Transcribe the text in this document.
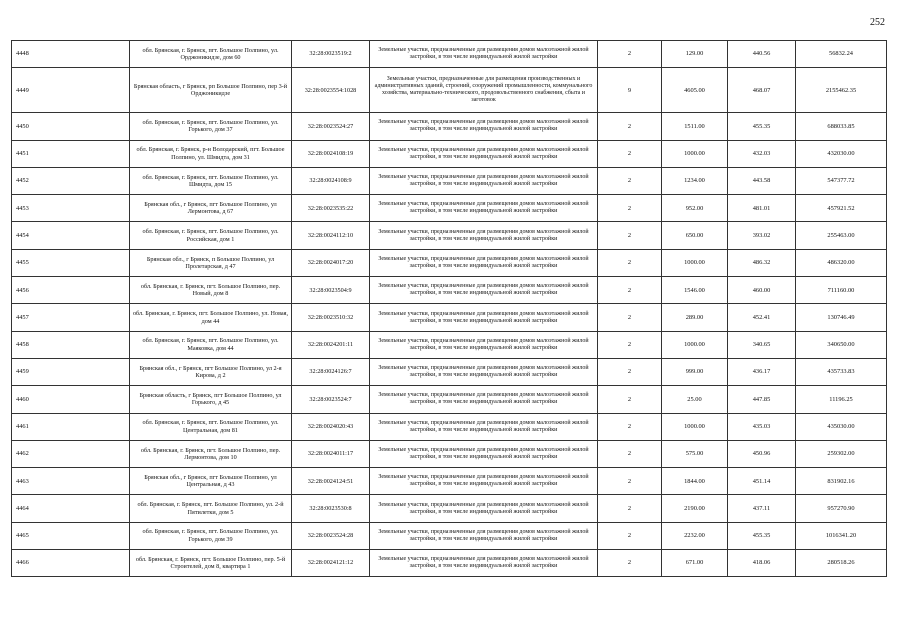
252
4448	обл. Брянская, г. Брянск, пгт. Большое Полпино, ул. Орджоникидзе, дом 60	32:28:0023519:2	Земельные участки, предназначенные для размещения домов малоэтажной жилой застройки, в том числе индивидуальной жилой застройки	2	129.00	440.56	56832.24
4449	Брянская область, г Брянск, рп Большое Полпино, пер 3-й Орджоникидзе	32:28:0023554:1028	Земельные участки, предназначенные для размещения производственных и административных зданий, строений, сооружений промышленности, коммунального хозяйства, материально-технического, продовольственного снабжения, сбыта и заготовок	9	4605.00	468.07	2155462.35
4450	обл. Брянская, г. Брянск, пгт. Большое Полпино, ул. Горького, дом 37	32:28:0023524:27	Земельные участки, предназначенные для размещения домов малоэтажной жилой застройки, в том числе индивидуальной жилой застройки	2	1511.00	455.35	688033.85
4451	обл. Брянская, г. Брянск, р-н Володарский, пгт. Большое Полпино, ул. Шмидта, дом 31	32:28:0024108:19	Земельные участки, предназначенные для размещения домов малоэтажной жилой застройки, в том числе индивидуальной жилой застройки	2	1000.00	432.03	432030.00
4452	обл. Брянская, г. Брянск, пгт. Большое Полпино, ул. Шмидта, дом 15	32:28:0024108:9	Земельные участки, предназначенные для размещения домов малоэтажной жилой застройки, в том числе индивидуальной жилой застройки	2	1234.00	443.58	547377.72
4453	Брянская обл., г Брянск, пгт Большое Полпино, ул Лермонтова, д 67	32:28:0023535:22	Земельные участки, предназначенные для размещения домов малоэтажной жилой застройки, в том числе индивидуальной жилой застройки	2	952.00	481.01	457921.52
4454	обл. Брянская, г. Брянск, пгт. Большое Полпино, ул. Российская, дом 1	32:28:0024112:10	Земельные участки, предназначенные для размещения домов малоэтажной жилой застройки, в том числе индивидуальной жилой застройки	2	650.00	393.02	255463.00
4455	Брянская обл., г Брянск, п Большое Полпино, ул Пролетарская, д 47	32:28:0024017:20	Земельные участки, предназначенные для размещения домов малоэтажной жилой застройки, в том числе индивидуальной жилой застройки	2	1000.00	486.32	486320.00
4456	обл. Брянская, г. Брянск, пгт. Большое Полпино, пер. Новый, дом 8	32:28:0023504:9	Земельные участки, предназначенные для размещения домов малоэтажной жилой застройки, в том числе индивидуальной жилой застройки	2	1546.00	460.00	711160.00
4457	обл. Брянская, г. Брянск, пгт. Большое Полпино, ул. Новая, дом 44	32:28:0023510:32	Земельные участки, предназначенные для размещения домов малоэтажной жилой застройки, в том числе индивидуальной жилой застройки	2	289.00	452.41	130746.49
4458	обл. Брянская, г. Брянск, пгт. Большое Полпино, ул. Маяковка, дом 44	32:28:0024201:11	Земельные участки, предназначенные для размещения домов малоэтажной жилой застройки, в том числе индивидуальной жилой застройки	2	1000.00	340.65	340650.00
4459	Брянская обл., г Брянск, пгт Большое Полпино, ул 2-я Кирова, д 2	32:28:0024126:7	Земельные участки, предназначенные для размещения домов малоэтажной жилой застройки, в том числе индивидуальной жилой застройки	2	999.00	436.17	435733.83
4460	Брянская область, г Брянск, пгт Большое Полпино, ул Горького, д 45	32:28:0023524:7	Земельные участки, предназначенные для размещения домов малоэтажной жилой застройки, в том числе индивидуальной жилой застройки	2	25.00	447.85	11196.25
4461	обл. Брянская, г. Брянск, пгт. Большое Полпино, ул. Центральная, дом 81	32:28:0024020:43	Земельные участки, предназначенные для размещения домов малоэтажной жилой застройки, в том числе индивидуальной жилой застройки	2	1000.00	435.03	435030.00
4462	обл. Брянская, г. Брянск, пгт. Большое Полпино, пер. Лермонтова, дом 10	32:28:0024011:17	Земельные участки, предназначенные для размещения домов малоэтажной жилой застройки, в том числе индивидуальной жилой застройки	2	575.00	450.96	259302.00
4463	Брянская обл., г Брянск, пгт Большое Полпино, ул Центральная, д 43	32:28:0024124:51	Земельные участки, предназначенные для размещения домов малоэтажной жилой застройки, в том числе индивидуальной жилой застройки	2	1844.00	451.14	831902.16
4464	обл. Брянская, г. Брянск, пгт. Большое Полпино, ул. 2-й Пятилетки, дом 5	32:28:0023530:8	Земельные участки, предназначенные для размещения домов малоэтажной жилой застройки, в том числе индивидуальной жилой застройки	2	2190.00	437.11	957270.90
4465	обл. Брянская, г. Брянск, пгт. Большое Полпино, ул. Горького, дом 39	32:28:0023524:28	Земельные участки, предназначенные для размещения домов малоэтажной жилой застройки, в том числе индивидуальной жилой застройки	2	2232.00	455.35	1016341.20
4466	обл. Брянская, г. Брянск, пгт. Большое Полпино, пер. 5-й Строителей, дом 8, квартира 1	32:28:0024121:12	Земельные участки, предназначенные для размещения домов малоэтажной жилой застройки, в том числе индивидуальной жилой застройки	2	671.00	418.06	280518.26
